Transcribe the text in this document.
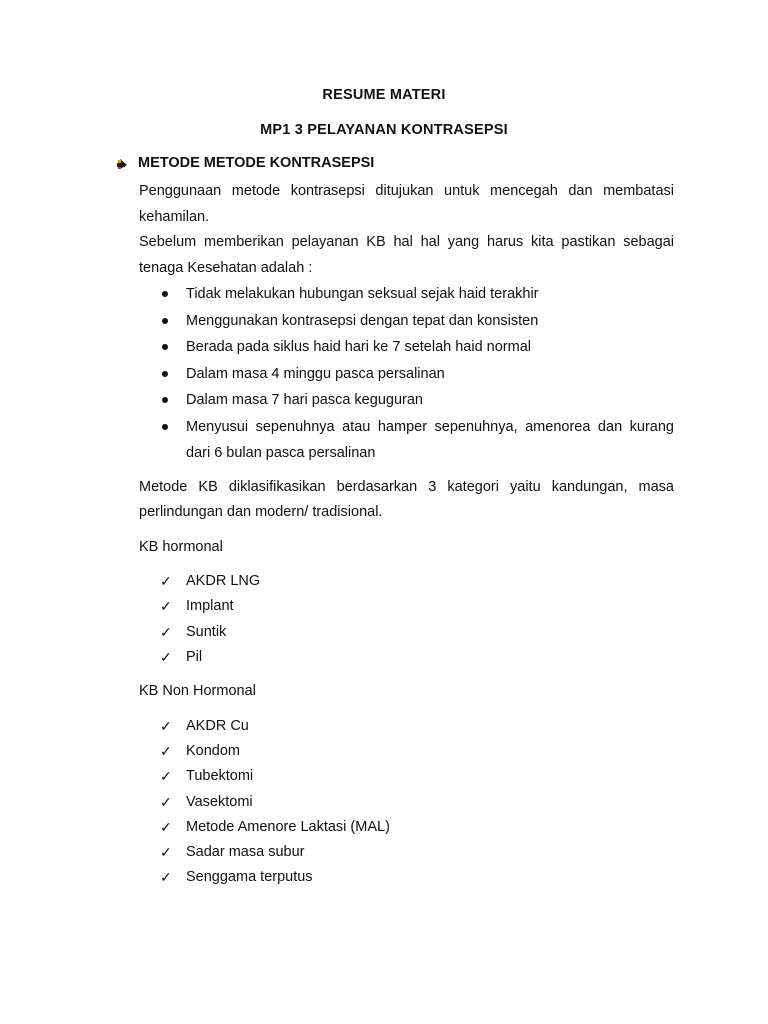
RESUME MATERI
MP1 3 PELAYANAN KONTRASEPSI
METODE METODE KONTRASEPSI

Penggunaan metode kontrasepsi ditujukan untuk mencegah dan membatasi kehamilan.

Sebelum memberikan pelayanan KB hal hal yang harus kita pastikan sebagai tenaga Kesehatan adalah :

Tidak melakukan hubungan seksual sejak haid terakhir
Menggunakan kontrasepsi dengan tepat dan konsisten
Berada pada siklus haid hari ke 7 setelah haid normal
Dalam masa 4 minggu pasca persalinan
Dalam masa 7 hari pasca keguguran
Menyusui sepenuhnya atau hamper sepenuhnya, amenorea dan kurang dari 6 bulan pasca persalinan

Metode KB diklasifikasikan berdasarkan 3 kategori yaitu kandungan, masa perlindungan dan modern/ tradisional.

KB hormonal

✓ AKDR LNG
✓ Implant
✓ Suntik
✓ Pil

KB Non Hormonal

✓ AKDR Cu
✓ Kondom
✓ Tubektomi
✓ Vasektomi
✓ Metode Amenore Laktasi (MAL)
✓ Sadar masa subur
✓ Senggama terputus
